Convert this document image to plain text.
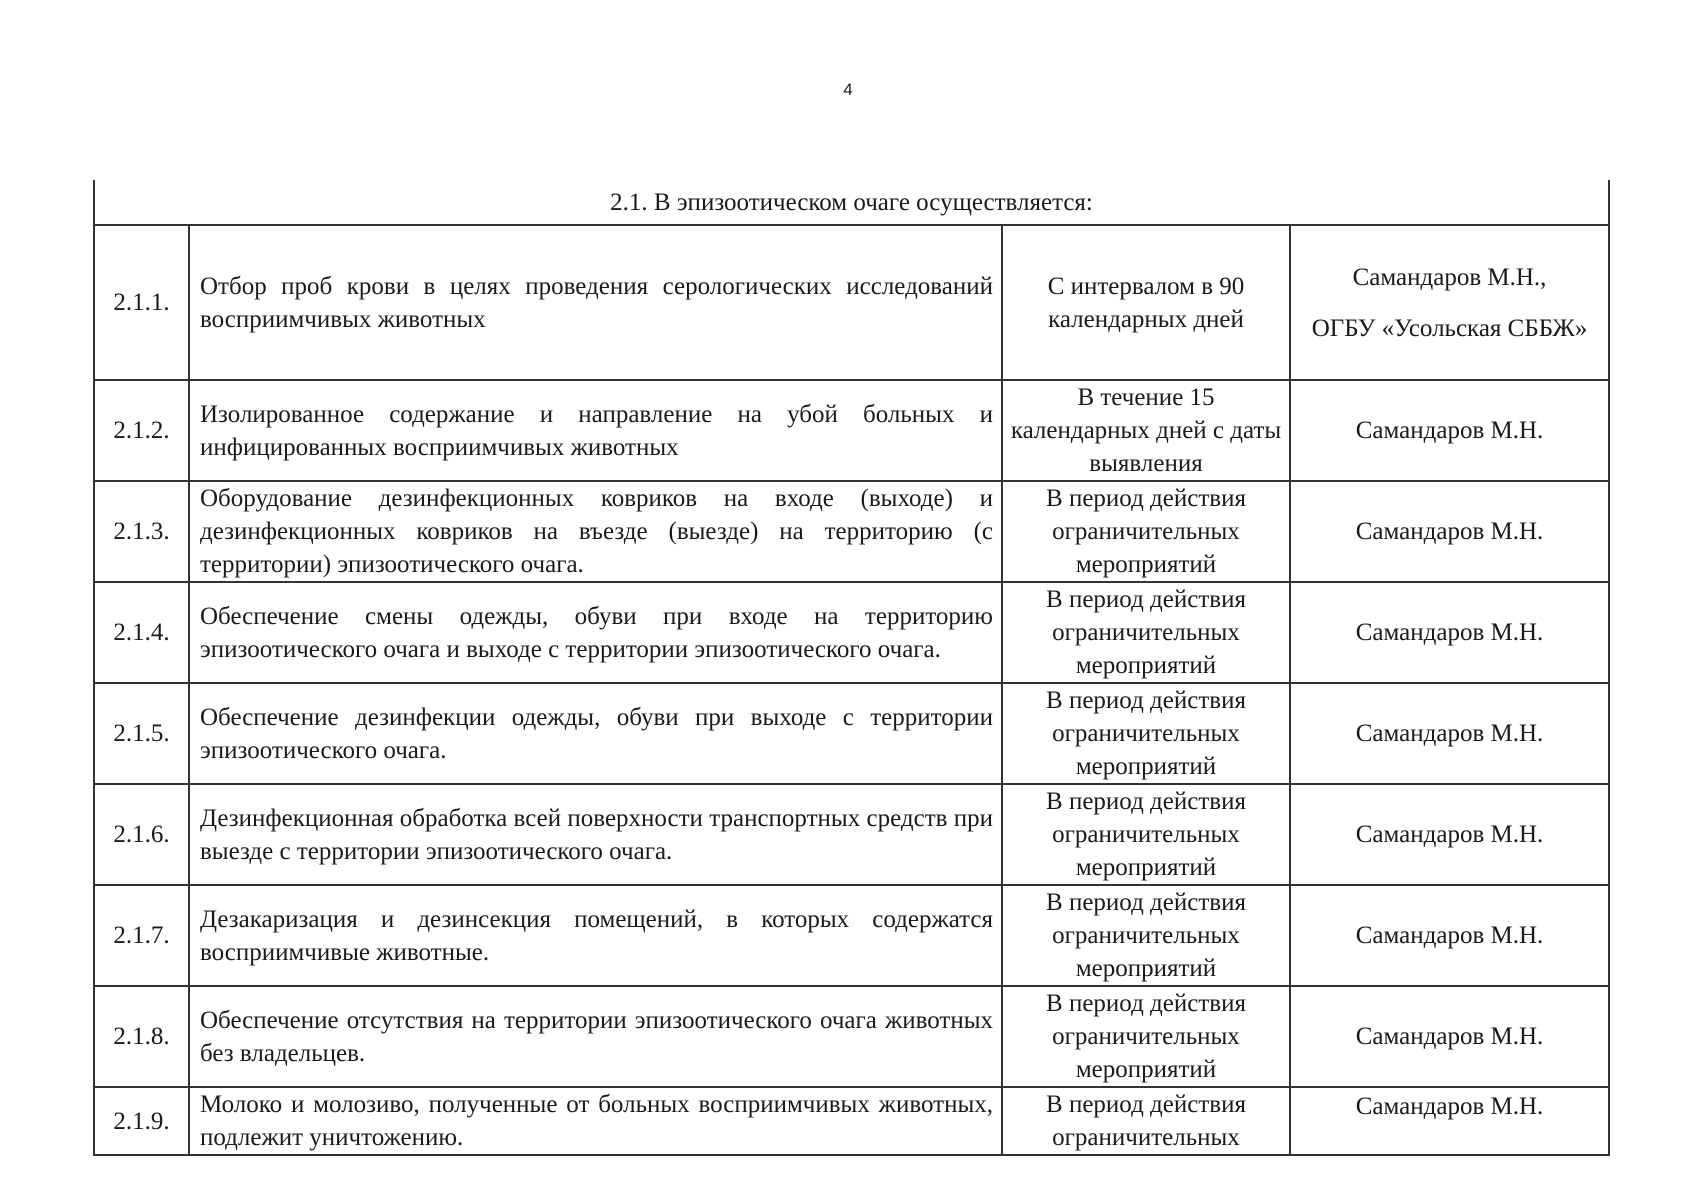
4
2.1. В эпизоотическом очаге осуществляется:			
2.1.1.	Отбор проб крови в целях проведения серологических исследований восприимчивых животных	С интервалом в 90 календарных дней	Самандаров М.Н.,
ОГБУ «Усольская СББЖ»

2.1.2.	Изолированное содержание и направление на убой больных и инфицированных восприимчивых животных	В течение 15 календарных дней с даты выявления	Самандаров М.Н.
2.1.3.	Оборудование дезинфекционных ковриков на входе (выходе) и дезинфекционных ковриков на въезде (выезде) на территорию (с территории) эпизоотического очага.	В период действия ограничительных мероприятий	Самандаров М.Н.
2.1.4.	Обеспечение смены одежды, обуви при входе на территорию эпизоотического очага и выходе с территории эпизоотического очага.	В период действия ограничительных мероприятий	Самандаров М.Н.
2.1.5.	Обеспечение дезинфекции одежды, обуви при выходе с территории эпизоотического очага.	В период действия ограничительных мероприятий	Самандаров М.Н.
2.1.6.	Дезинфекционная обработка всей поверхности транспортных средств при выезде с территории эпизоотического очага.	В период действия ограничительных мероприятий	Самандаров М.Н.
2.1.7.	Дезакаризация и дезинсекция помещений, в которых содержатся восприимчивые животные.	В период действия ограничительных мероприятий	Самандаров М.Н.
2.1.8.	Обеспечение отсутствия на территории эпизоотического очага животных без владельцев.	В период действия ограничительных мероприятий	Самандаров М.Н.
2.1.9.	Молоко и молозиво, полученные от больных восприимчивых животных, подлежит уничтожению.	В период действия ограничительных	Самандаров М.Н.
